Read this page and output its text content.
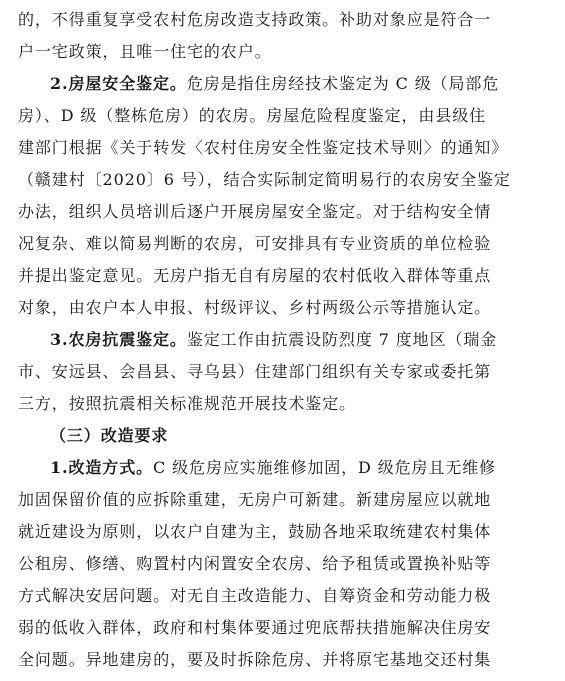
的，不得重复享受农村危房改造支持政策。补助对象应是符合一
户一宅政策，且唯一住宅的农户。
2.房屋安全鉴定。危房是指住房经技术鉴定为 C 级（局部危
房）、D 级（整栋危房）的农房。房屋危险程度鉴定，由县级住
建部门根据《关于转发〈农村住房安全性鉴定技术导则〉的通知》
（赣建村〔2020〕6 号），结合实际制定简明易行的农房安全鉴定
办法，组织人员培训后逐户开展房屋安全鉴定。对于结构安全情
况复杂、难以简易判断的农房，可安排具有专业资质的单位检验
并提出鉴定意见。无房户指无自有房屋的农村低收入群体等重点
对象，由农户本人申报、村级评议、乡村两级公示等措施认定。
3.农房抗震鉴定。鉴定工作由抗震设防烈度 7 度地区（瑞金
市、安远县、会昌县、寻乌县）住建部门组织有关专家或委托第
三方，按照抗震相关标准规范开展技术鉴定。
（三）改造要求
1.改造方式。C 级危房应实施维修加固，D 级危房且无维修
加固保留价值的应拆除重建，无房户可新建。新建房屋应以就地
就近建设为原则，以农户自建为主，鼓励各地采取统建农村集体
公租房、修缮、购置村内闲置安全农房、给予租赁或置换补贴等
方式解决安居问题。对无自主改造能力、自筹资金和劳动能力极
弱的低收入群体，政府和村集体要通过兜底帮扶措施解决住房安
全问题。异地建房的，要及时拆除危房、并将原宅基地交还村集
